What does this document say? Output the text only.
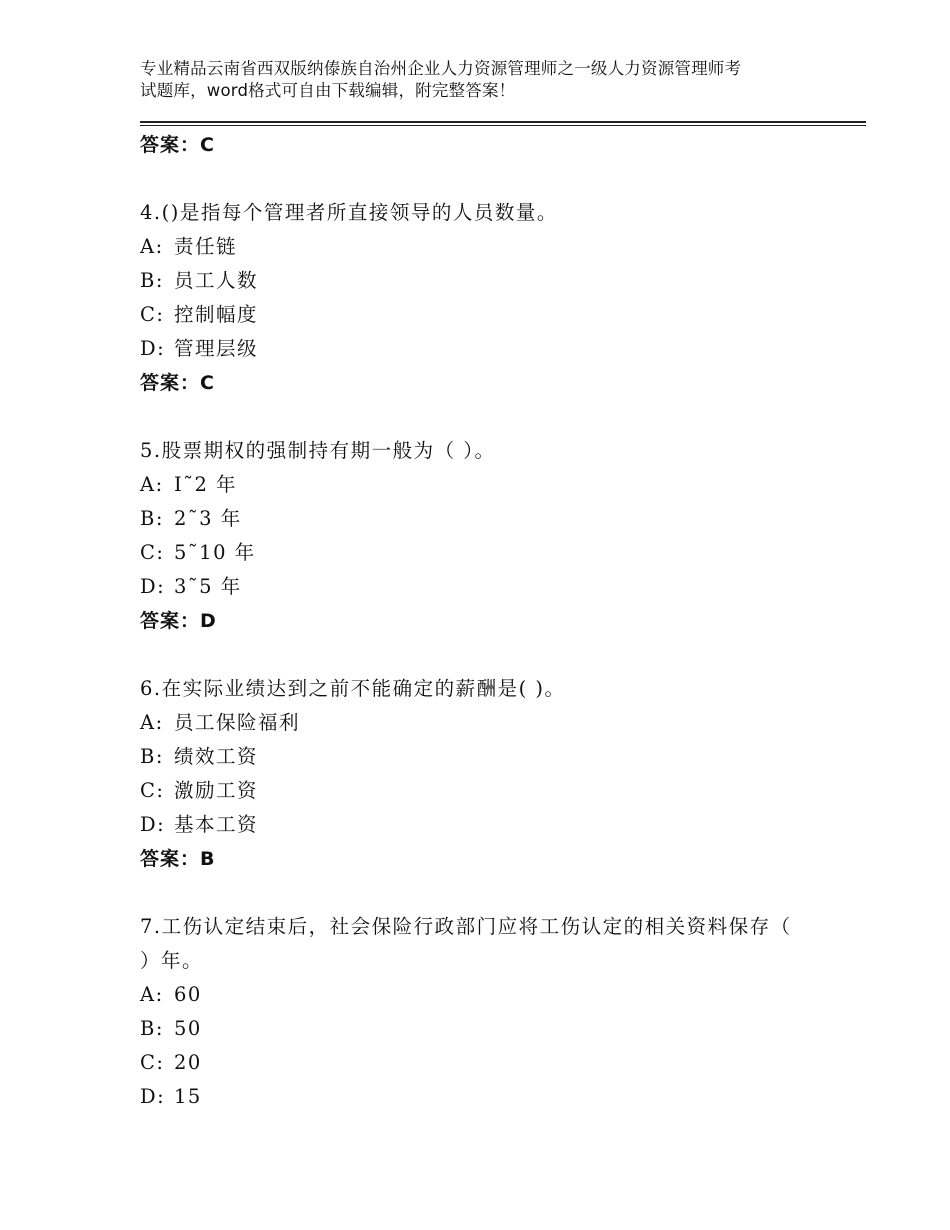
专业精品云南省西双版纳傣族自治州企业人力资源管理师之一级人力资源管理师考
试题库，word格式可自由下载编辑，附完整答案！
答案：C
4.()是指每个管理者所直接领导的人员数量。
A: 责任链
B: 员工人数
C: 控制幅度
D: 管理层级
答案：C
5.股票期权的强制持有期一般为（ ）。
A: I˜2 年
B: 2˜3 年
C: 5˜10 年
D: 3˜5 年
答案：D
6.在实际业绩达到之前不能确定的薪酬是( )。
A: 员工保险福利
B: 绩效工资
C: 激励工资
D: 基本工资
答案：B
7.工伤认定结束后，社会保险行政部门应将工伤认定的相关资料保存（ ）年。
A: 60
B: 50
C: 20
D: 15
